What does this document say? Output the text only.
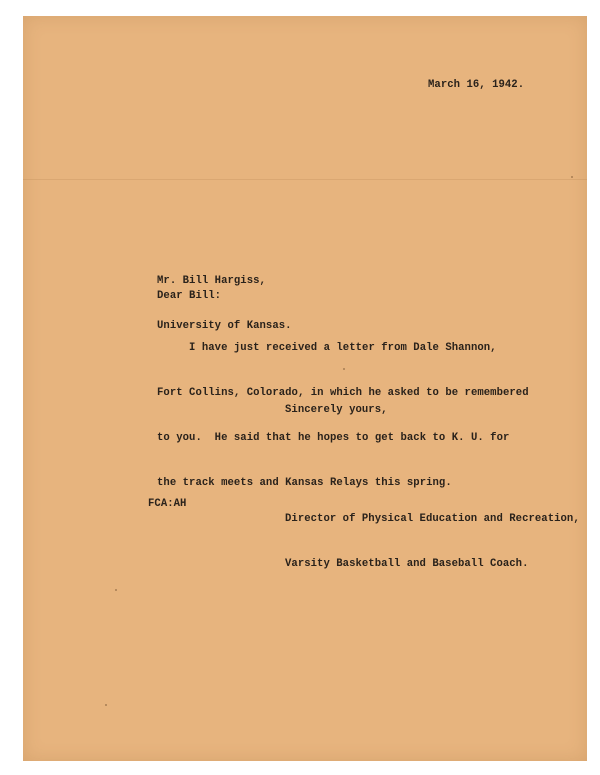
March 16, 1942.

Mr. Bill Hargiss,

University of Kansas.

Dear Bill:

I have just received a letter from Dale Shannon,

Fort Collins, Colorado, in which he asked to be remembered

to you.  He said that he hopes to get back to K. U. for

the track meets and Kansas Relays this spring.

Sincerely yours,

Director of Physical Education and Recreation,

Varsity Basketball and Baseball Coach.

FCA:AH
